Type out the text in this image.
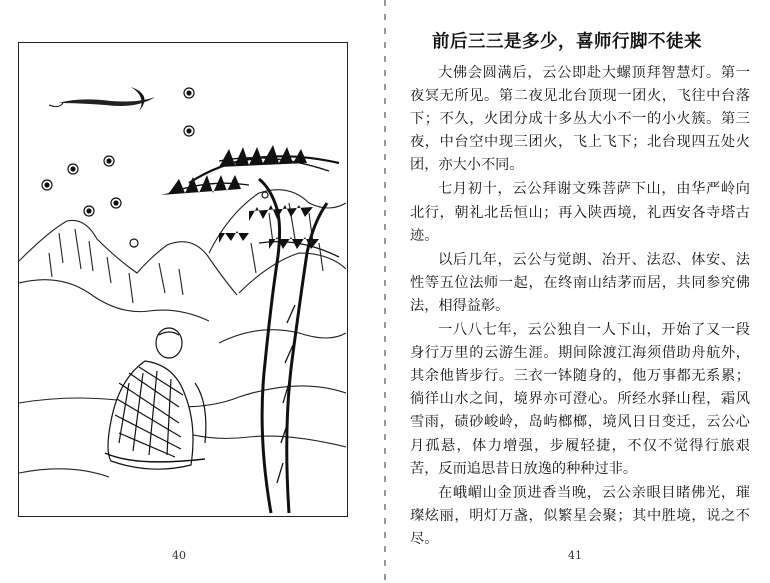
40
前后三三是多少，喜师行脚不徒来

大佛会圆满后，云公即赴大螺顶拜智慧灯。第一夜冥无所见。第二夜见北台顶现一团火，飞往中台落下；不久，火团分成十多丛大小不一的小火簇。第三夜，中台空中现三团火，飞上飞下；北台现四五处火团，亦大小不同。

七月初十，云公拜谢文殊菩萨下山，由华严岭向北行，朝礼北岳恒山；再入陕西境，礼西安各寺塔古迹。

以后几年，云公与觉朗、冶开、法忍、体安、法性等五位法师一起，在终南山结茅而居，共同参究佛法，相得益彰。

一八八七年，云公独自一人下山，开始了又一段身行万里的云游生涯。期间除渡江海须借助舟航外，其余他皆步行。三衣一钵随身的，他万事都无系累；徜徉山水之间，境界亦可澄心。所经水驿山程，霜风雪雨，碛砂峻岭，岛屿榔榔，境风日日变迁，云公心月孤悬，体力增强，步履轻捷，不仅不觉得行旅艰苦，反而追思昔日放逸的种种过非。

在峨嵋山金顶进香当晚，云公亲眼目睹佛光，璀璨炫丽，明灯万盏，似繁星会聚；其中胜境，说之不尽。

41
